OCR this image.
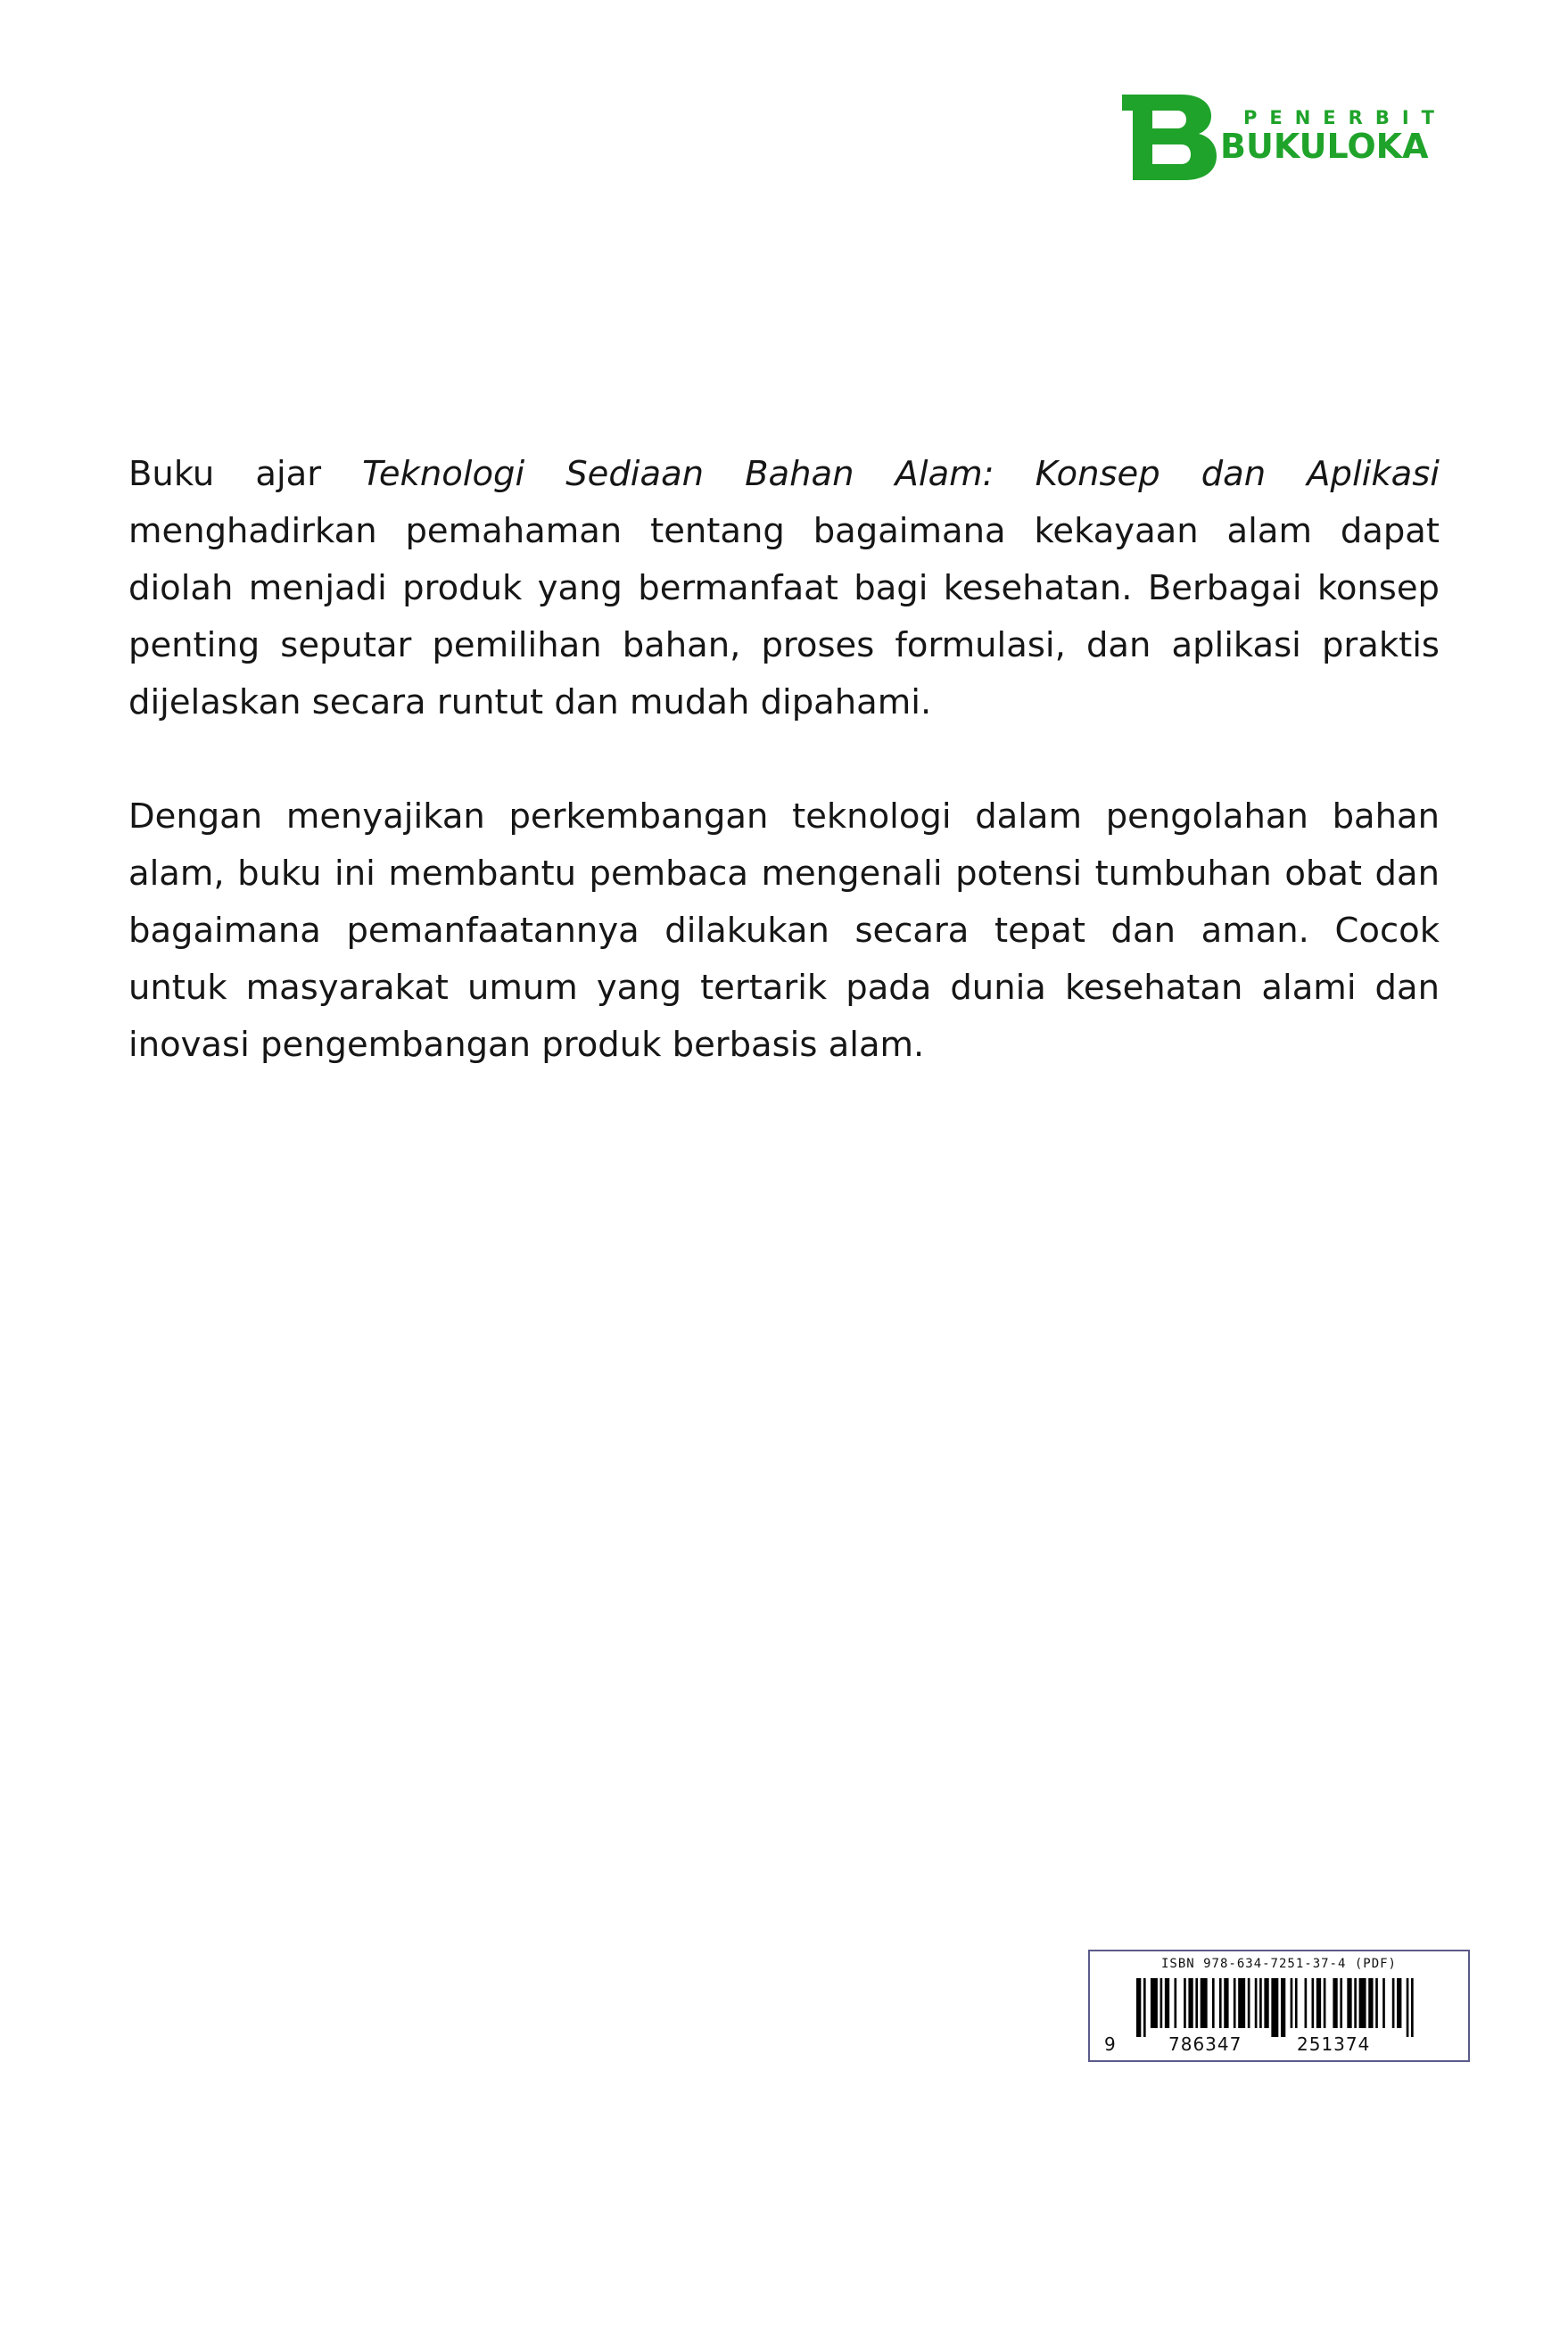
PENERBIT
BUKULOKA

Buku ajar Teknologi Sediaan Bahan Alam: Konsep dan Aplikasi menghadirkan pemahaman tentang bagaimana kekayaan alam dapat diolah menjadi produk yang bermanfaat bagi kesehatan. Berbagai konsep penting seputar pemilihan bahan, proses formulasi, dan aplikasi praktis dijelaskan secara runtut dan mudah dipahami.

Dengan menyajikan perkembangan teknologi dalam pengolahan bahan alam, buku ini membantu pembaca mengenali potensi tumbuhan obat dan bagaimana pemanfaatannya dilakukan secara tepat dan aman. Cocok untuk masyarakat umum yang tertarik pada dunia kesehatan alami dan inovasi pengembangan produk berbasis alam.

ISBN 978-634-7251-37-4 (PDF)
9	786347	251374
